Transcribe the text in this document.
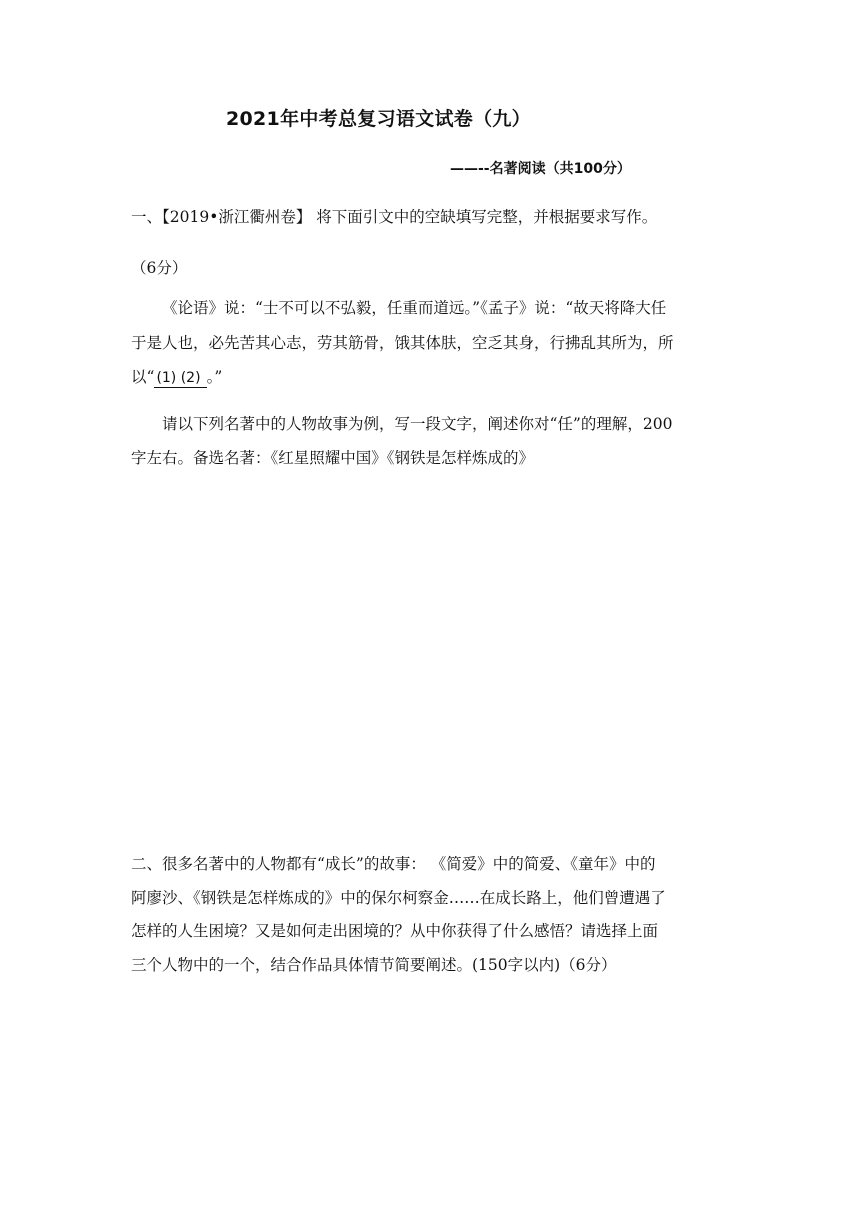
2021年中考总复习语文试卷（九）
——--名著阅读（共100分）
一、【2019•浙江衢州卷】 将下面引文中的空缺填写完整，并根据要求写作。
（6分）
《论语》说：“士不可以不弘毅，任重而道远。”《孟子》说：“故天将降大任
于是人也，必先苦其心志，劳其筋骨，饿其体肤，空乏其身，行拂乱其所为，所
以“ (1) (2)。”
请以下列名著中的人物故事为例，写一段文字，阐述你对“任”的理解，200
字左右。备选名著：《红星照耀中国》《钢铁是怎样炼成的》
二、很多名著中的人物都有“成长”的故事： 《简爱》中的简爱、《童年》中的
阿廖沙、《钢铁是怎样炼成的》中的保尔柯察金……在成长路上，他们曾遭遇了
怎样的人生困境？又是如何走出困境的？从中你获得了什么感悟？请选择上面
三个人物中的一个，结合作品具体情节简要阐述。(150字以内)（6分）
